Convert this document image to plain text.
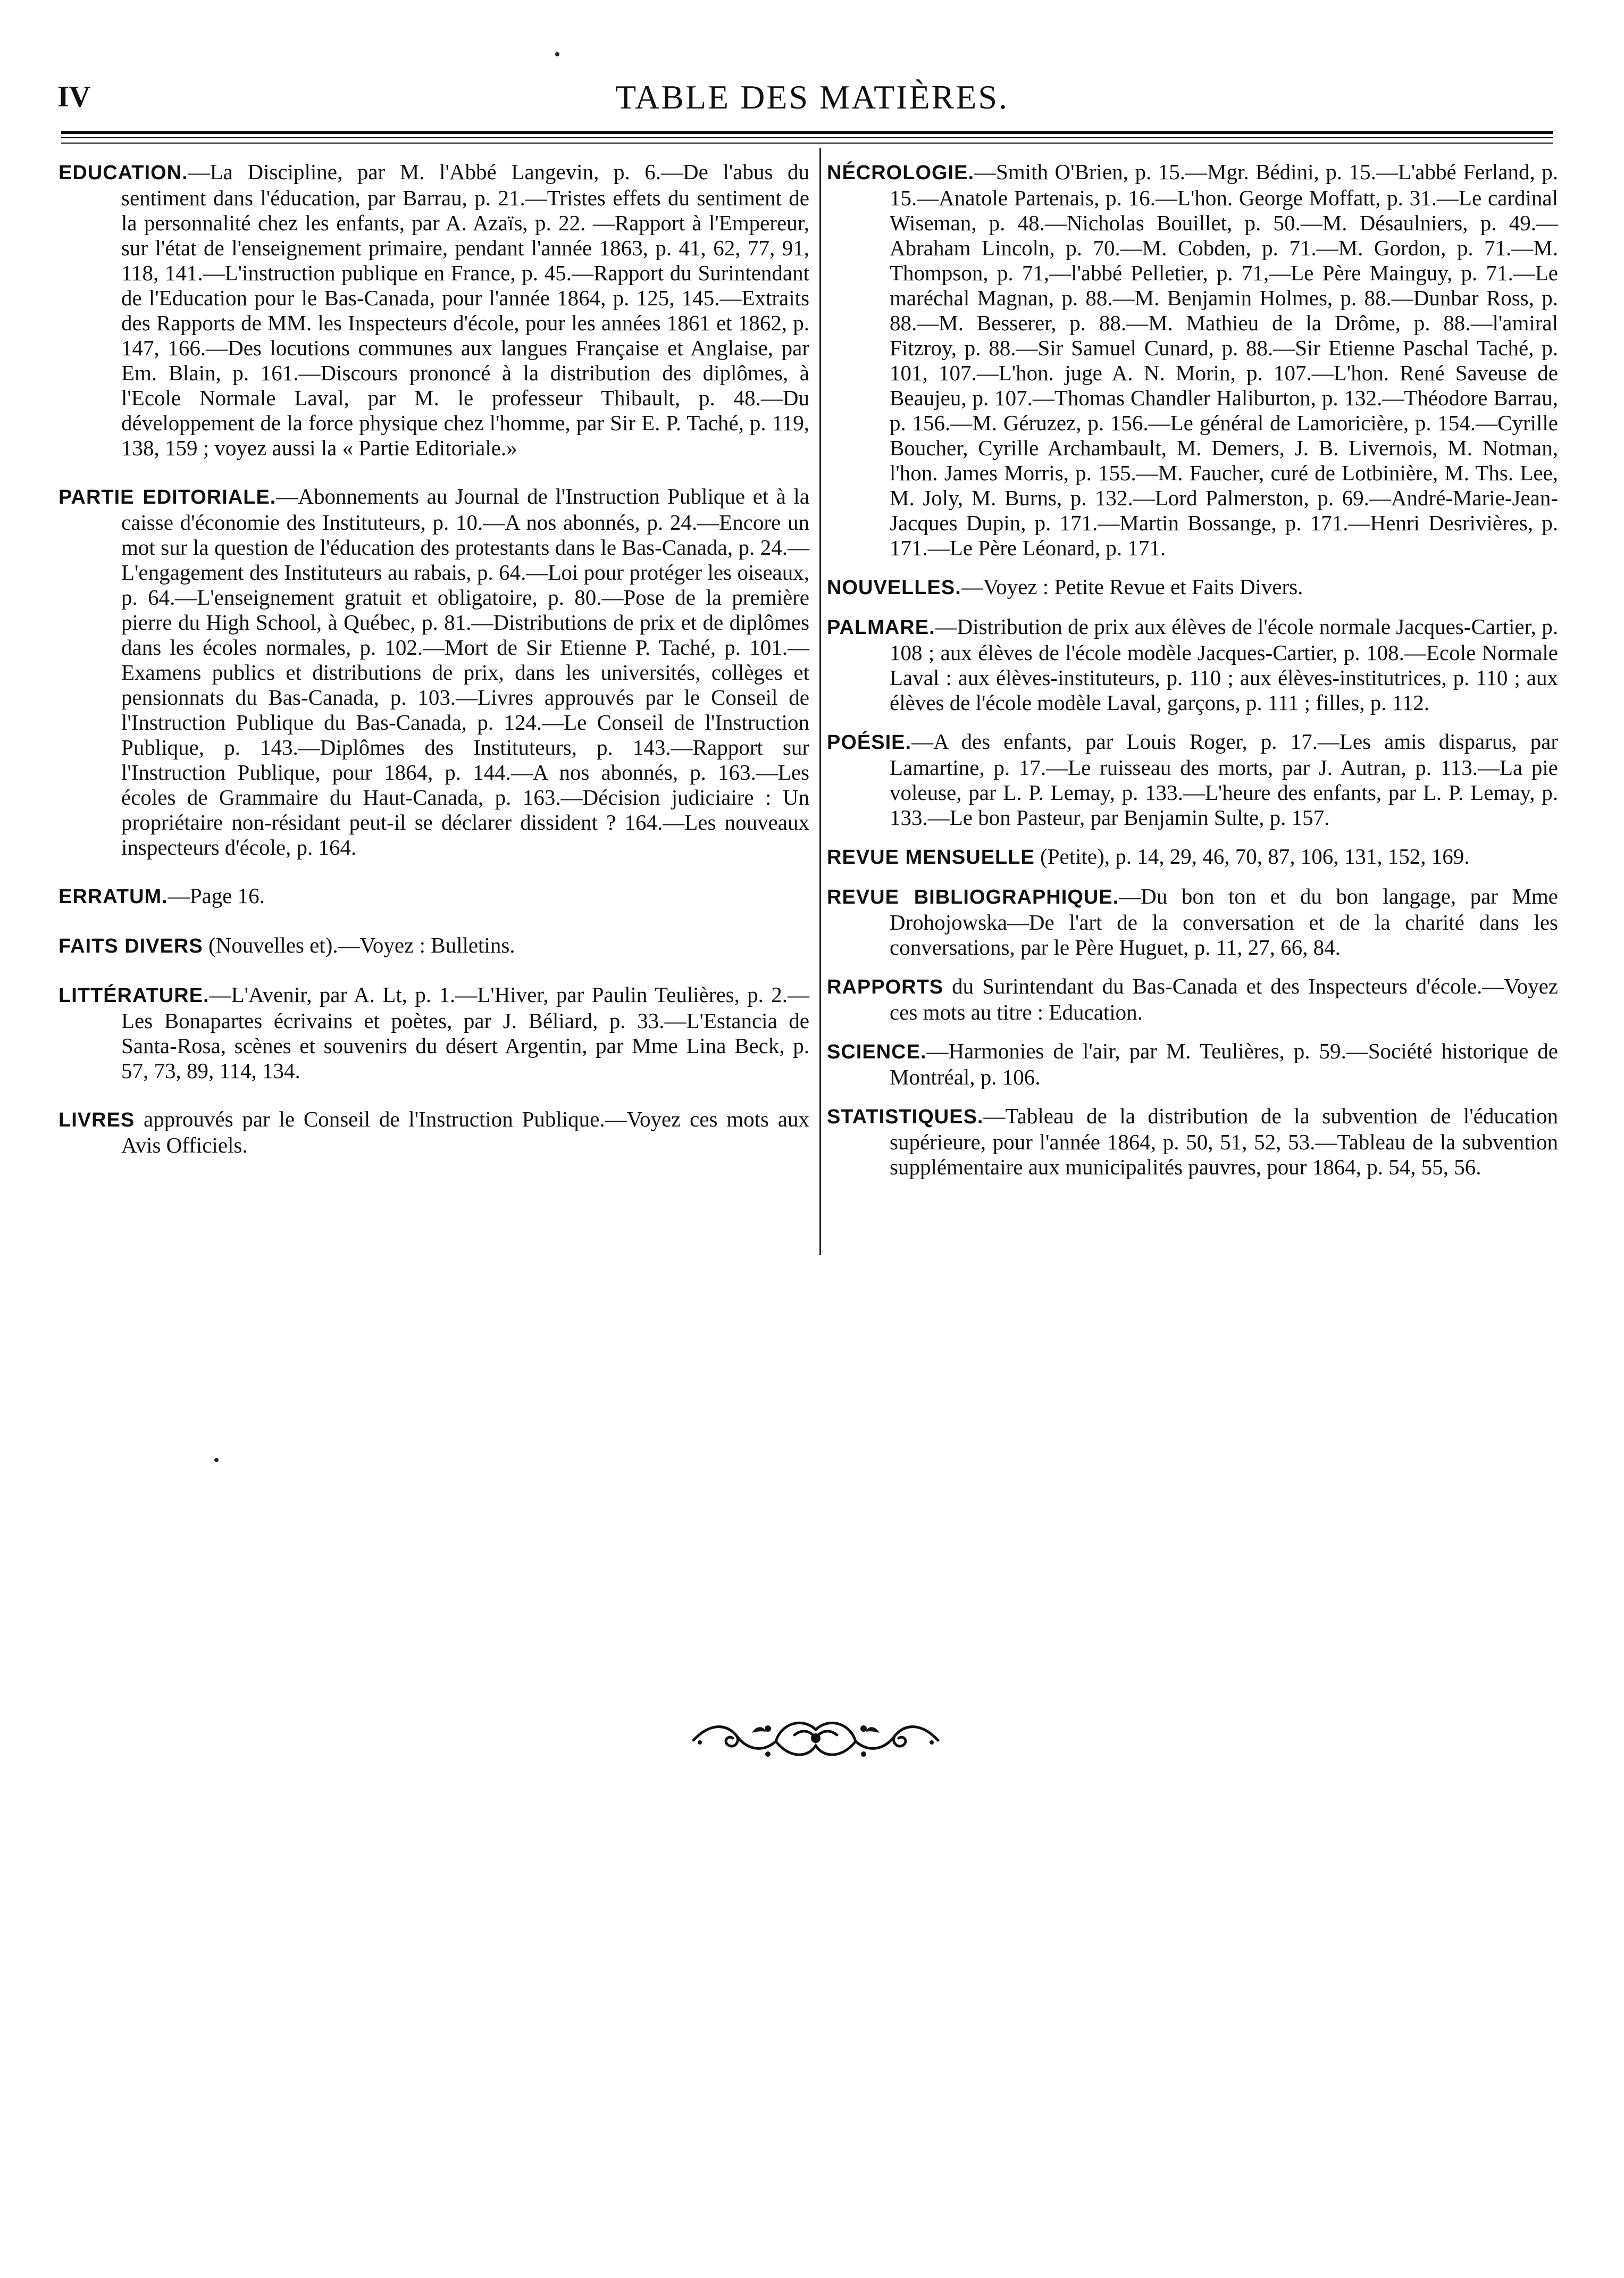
IV	TABLE DES MATIÈRES.

EDUCATION.—La Discipline, par M. l'Abbé Langevin, p. 6.—De l'abus du sentiment dans l'éducation, par Barrau, p. 21.—Tristes effets du sentiment de la personnalité chez les enfants, par A. Azaïs, p. 22. —Rapport à l'Empereur, sur l'état de l'enseignement primaire, pendant l'année 1863, p. 41, 62, 77, 91, 118, 141.—L'instruction publique en France, p. 45.—Rapport du Surintendant de l'Education pour le Bas-Canada, pour l'année 1864, p. 125, 145.—Extraits des Rapports de MM. les Inspecteurs d'école, pour les années 1861 et 1862, p. 147, 166.—Des locutions communes aux langues Française et Anglaise, par Em. Blain, p. 161.—Discours prononcé à la distribution des diplômes, à l'Ecole Normale Laval, par M. le professeur Thibault, p. 48.—Du développement de la force physique chez l'homme, par Sir E. P. Taché, p. 119, 138, 159 ; voyez aussi la « Partie Editoriale.»

PARTIE EDITORIALE.—Abonnements au Journal de l'Instruction Publique et à la caisse d'économie des Instituteurs, p. 10.—A nos abonnés, p. 24.—Encore un mot sur la question de l'éducation des protestants dans le Bas-Canada, p. 24.—L'engagement des Instituteurs au rabais, p. 64.—Loi pour protéger les oiseaux, p. 64.—L'enseignement gratuit et obligatoire, p. 80.—Pose de la première pierre du High School, à Québec, p. 81.—Distributions de prix et de diplômes dans les écoles normales, p. 102.—Mort de Sir Etienne P. Taché, p. 101.—Examens publics et distributions de prix, dans les universités, collèges et pensionnats du Bas-Canada, p. 103.—Livres approuvés par le Conseil de l'Instruction Publique du Bas-Canada, p. 124.—Le Conseil de l'Instruction Publique, p. 143.—Diplômes des Instituteurs, p. 143.—Rapport sur l'Instruction Publique, pour 1864, p. 144.—A nos abonnés, p. 163.—Les écoles de Grammaire du Haut-Canada, p. 163.—Décision judiciaire : Un propriétaire non-résidant peut-il se déclarer dissident ? 164.—Les nouveaux inspecteurs d'école, p. 164.

ERRATUM.—Page 16.

FAITS DIVERS (Nouvelles et).—Voyez : Bulletins.

LITTÉRATURE.—L'Avenir, par A. Lt, p. 1.—L'Hiver, par Paulin Teulières, p. 2.—Les Bonapartes écrivains et poètes, par J. Béliard, p. 33.—L'Estancia de Santa-Rosa, scènes et souvenirs du désert Argentin, par Mme Lina Beck, p. 57, 73, 89, 114, 134.

LIVRES approuvés par le Conseil de l'Instruction Publique.—Voyez ces mots aux Avis Officiels.

NÉCROLOGIE.—Smith O'Brien, p. 15.—Mgr. Bédini, p. 15.—L'abbé Ferland, p. 15.—Anatole Partenais, p. 16.—L'hon. George Moffatt, p. 31.—Le cardinal Wiseman, p. 48.—Nicholas Bouillet, p. 50.—M. Désaulniers, p. 49.—Abraham Lincoln, p. 70.—M. Cobden, p. 71.—M. Gordon, p. 71.—M. Thompson, p. 71,—l'abbé Pelletier, p. 71,—Le Père Mainguy, p. 71.—Le maréchal Magnan, p. 88.—M. Benjamin Holmes, p. 88.—Dunbar Ross, p. 88.—M. Besserer, p. 88.—M. Mathieu de la Drôme, p. 88.—l'amiral Fitzroy, p. 88.—Sir Samuel Cunard, p. 88.—Sir Etienne Paschal Taché, p. 101, 107.—L'hon. juge A. N. Morin, p. 107.—L'hon. René Saveuse de Beaujeu, p. 107.—Thomas Chandler Haliburton, p. 132.—Théodore Barrau, p. 156.—M. Géruzez, p. 156.—Le général de Lamoricière, p. 154.—Cyrille Boucher, Cyrille Archambault, M. Demers, J. B. Livernois, M. Notman, l'hon. James Morris, p. 155.—M. Faucher, curé de Lotbinière, M. Ths. Lee, M. Joly, M. Burns, p. 132.—Lord Palmerston, p. 69.—André-Marie-Jean-Jacques Dupin, p. 171.—Martin Bossange, p. 171.—Henri Desrivières, p. 171.—Le Père Léonard, p. 171.

NOUVELLES.—Voyez : Petite Revue et Faits Divers.

PALMARE.—Distribution de prix aux élèves de l'école normale Jacques-Cartier, p. 108 ; aux élèves de l'école modèle Jacques-Cartier, p. 108.—Ecole Normale Laval : aux élèves-instituteurs, p. 110 ; aux élèves-institutrices, p. 110 ; aux élèves de l'école modèle Laval, garçons, p. 111 ; filles, p. 112.

POÉSIE.—A des enfants, par Louis Roger, p. 17.—Les amis disparus, par Lamartine, p. 17.—Le ruisseau des morts, par J. Autran, p. 113.—La pie voleuse, par L. P. Lemay, p. 133.—L'heure des enfants, par L. P. Lemay, p. 133.—Le bon Pasteur, par Benjamin Sulte, p. 157.

REVUE MENSUELLE (Petite), p. 14, 29, 46, 70, 87, 106, 131, 152, 169.

REVUE BIBLIOGRAPHIQUE.—Du bon ton et du bon langage, par Mme Drohojowska—De l'art de la conversation et de la charité dans les conversations, par le Père Huguet, p. 11, 27, 66, 84.

RAPPORTS du Surintendant du Bas-Canada et des Inspecteurs d'école.—Voyez ces mots au titre : Education.

SCIENCE.—Harmonies de l'air, par M. Teulières, p. 59.—Société historique de Montréal, p. 106.

STATISTIQUES.—Tableau de la distribution de la subvention de l'éducation supérieure, pour l'année 1864, p. 50, 51, 52, 53.—Tableau de la subvention supplémentaire aux municipalités pauvres, pour 1864, p. 54, 55, 56.
